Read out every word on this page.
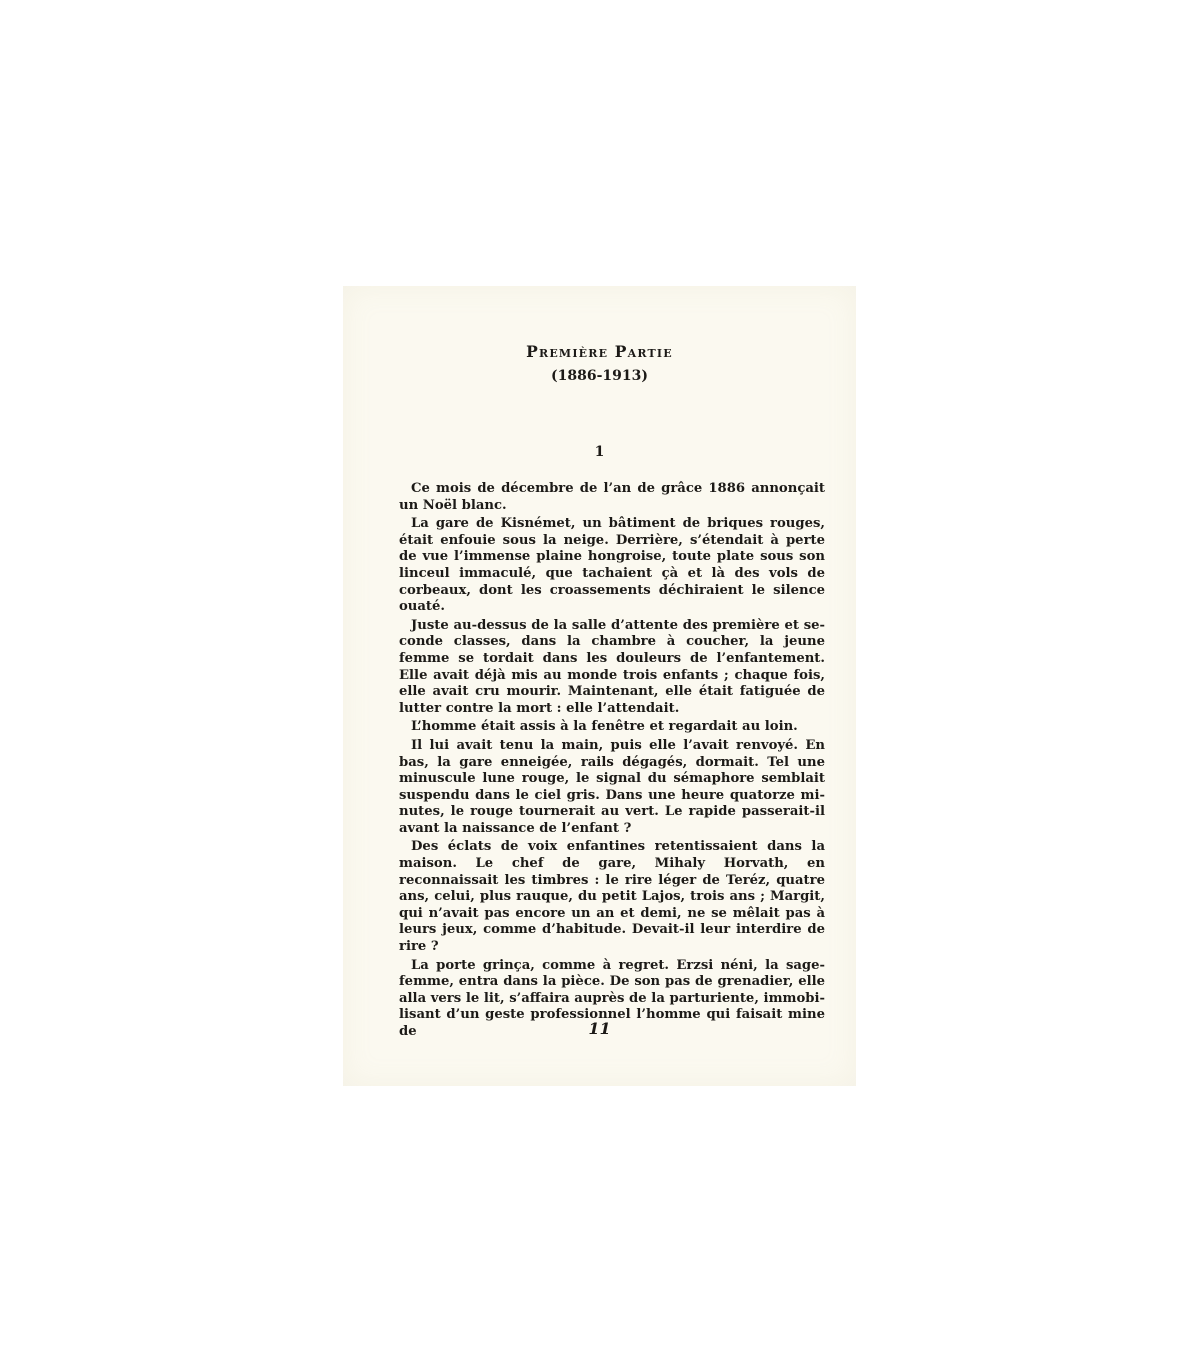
Première Partie
(1886-1913)
1

Ce mois de décembre de l’an de grâce 1886 annonçait un Noël blanc.

La gare de Kisnémet, un bâtiment de briques rouges, était enfouie sous la neige. Derrière, s’étendait à perte de vue l’immense plaine hongroise, toute plate sous son linceul immaculé, que tachaient çà et là des vols de corbeaux, dont les croassements déchiraient le silence ouaté.

Juste au-dessus de la salle d’attente des première et seconde classes, dans la chambre à coucher, la jeune femme se tordait dans les douleurs de l’enfantement. Elle avait déjà mis au monde trois enfants ; chaque fois, elle avait cru mourir. Maintenant, elle était fatiguée de lutter contre la mort : elle l’attendait.

L’homme était assis à la fenêtre et regardait au loin.

Il lui avait tenu la main, puis elle l’avait renvoyé. En bas, la gare enneigée, rails dégagés, dormait. Tel une minuscule lune rouge, le signal du sémaphore semblait suspendu dans le ciel gris. Dans une heure quatorze minutes, le rouge tournerait au vert. Le rapide passerait-il avant la naissance de l’enfant ?

Des éclats de voix enfantines retentissaient dans la maison. Le chef de gare, Mihaly Horvath, en reconnaissait les timbres : le rire léger de Teréz, quatre ans, celui, plus rauque, du petit Lajos, trois ans ; Margit, qui n’avait pas encore un an et demi, ne se mêlait pas à leurs jeux, comme d’habitude. Devait-il leur interdire de rire ?

La porte grinça, comme à regret. Erzsi néni, la sage-femme, entra dans la pièce. De son pas de grenadier, elle alla vers le lit, s’affaira auprès de la parturiente, immobilisant d’un geste professionnel l’homme qui faisait mine de	11
